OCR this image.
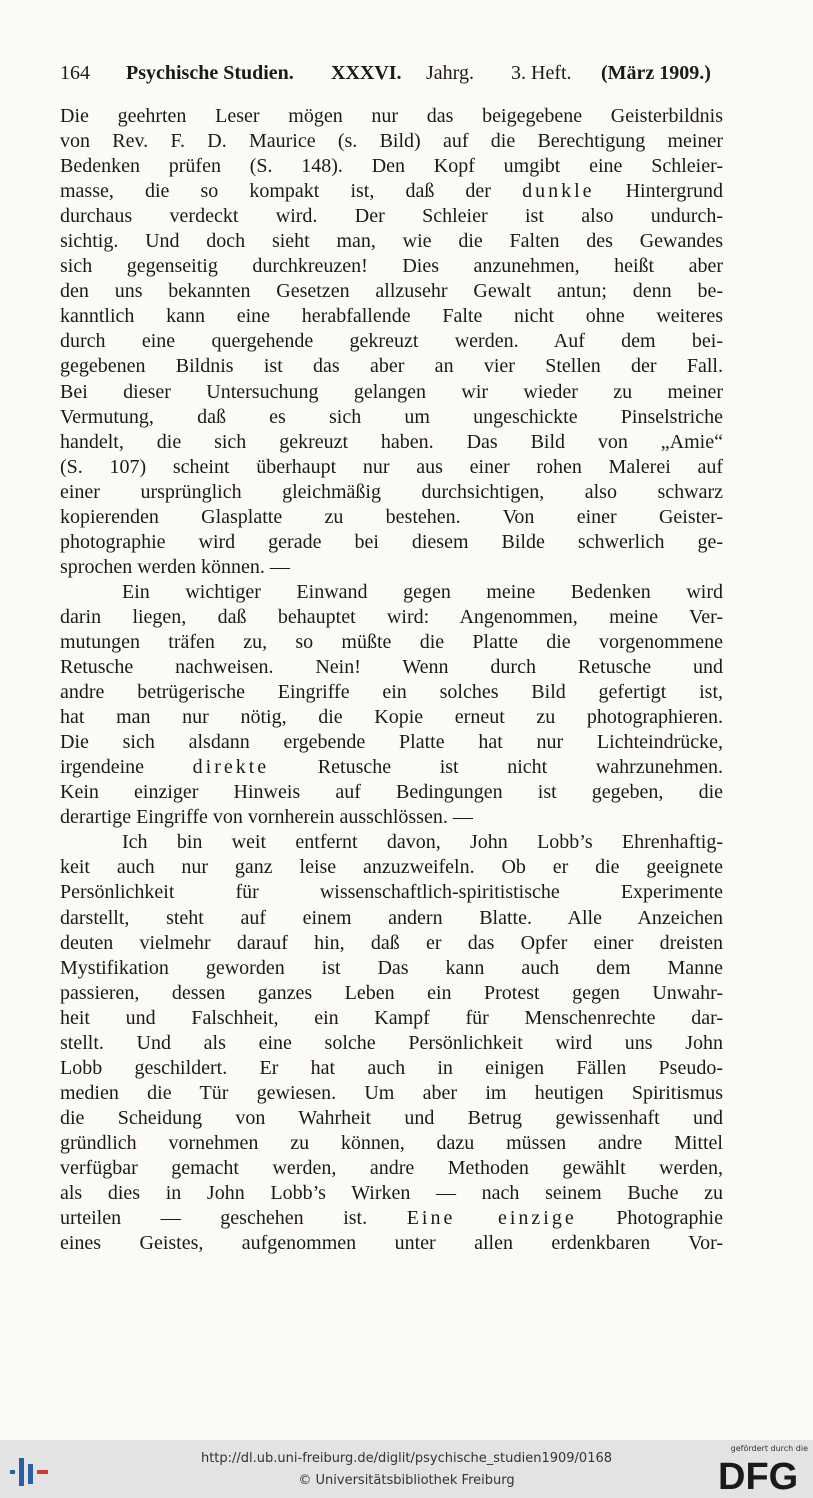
164 Psychische Studien. XXXVI. Jahrg. 3. Heft. (März 1909.)
Die geehrten Leser mögen nur das beigegebene Geisterbildnis
von Rev. F. D. Maurice (s. Bild) auf die Berechtigung meiner
Bedenken prüfen (S. 148). Den Kopf umgibt eine Schleier-
masse, die so kompakt ist, daß der dunkle Hintergrund
durchaus verdeckt wird. Der Schleier ist also undurch-
sichtig. Und doch sieht man, wie die Falten des Gewandes
sich gegenseitig durchkreuzen! Dies anzunehmen, heißt aber
den uns bekannten Gesetzen allzusehr Gewalt antun; denn be-
kanntlich kann eine herabfallende Falte nicht ohne weiteres
durch eine quergehende gekreuzt werden. Auf dem bei-
gegebenen Bildnis ist das aber an vier Stellen der Fall.
Bei dieser Untersuchung gelangen wir wieder zu meiner
Vermutung, daß es sich um ungeschickte Pinselstriche
handelt, die sich gekreuzt haben. Das Bild von „Amie“
(S. 107) scheint überhaupt nur aus einer rohen Malerei auf
einer ursprünglich gleichmäßig durchsichtigen, also schwarz
kopierenden Glasplatte zu bestehen. Von einer Geister-
photographie wird gerade bei diesem Bilde schwerlich ge-
sprochen werden können. —
Ein wichtiger Einwand gegen meine Bedenken wird
darin liegen, daß behauptet wird: Angenommen, meine Ver-
mutungen träfen zu, so müßte die Platte die vorgenommene
Retusche nachweisen. Nein! Wenn durch Retusche und
andre betrügerische Eingriffe ein solches Bild gefertigt ist,
hat man nur nötig, die Kopie erneut zu photographieren.
Die sich alsdann ergebende Platte hat nur Lichteindrücke,
irgendeine direkte Retusche ist nicht wahrzunehmen.
Kein einziger Hinweis auf Bedingungen ist gegeben, die
derartige Eingriffe von vornherein ausschlössen. —
Ich bin weit entfernt davon, John Lobb’s Ehrenhaftig-
keit auch nur ganz leise anzuzweifeln. Ob er die geeignete
Persönlichkeit für wissenschaftlich-spiritistische Experimente
darstellt, steht auf einem andern Blatte. Alle Anzeichen
deuten vielmehr darauf hin, daß er das Opfer einer dreisten
Mystifikation geworden ist Das kann auch dem Manne
passieren, dessen ganzes Leben ein Protest gegen Unwahr-
heit und Falschheit, ein Kampf für Menschenrechte dar-
stellt. Und als eine solche Persönlichkeit wird uns John
Lobb geschildert. Er hat auch in einigen Fällen Pseudo-
medien die Tür gewiesen. Um aber im heutigen Spiritismus
die Scheidung von Wahrheit und Betrug gewissenhaft und
gründlich vornehmen zu können, dazu müssen andre Mittel
verfügbar gemacht werden, andre Methoden gewählt werden,
als dies in John Lobb’s Wirken — nach seinem Buche zu
urteilen — geschehen ist. Eine einzige Photographie
eines Geistes, aufgenommen unter allen erdenkbaren Vor-
http://dl.ub.uni-freiburg.de/diglit/psychische_studien1909/0168
© Universitätsbibliothek Freiburg
gefördert durch die
DFG
